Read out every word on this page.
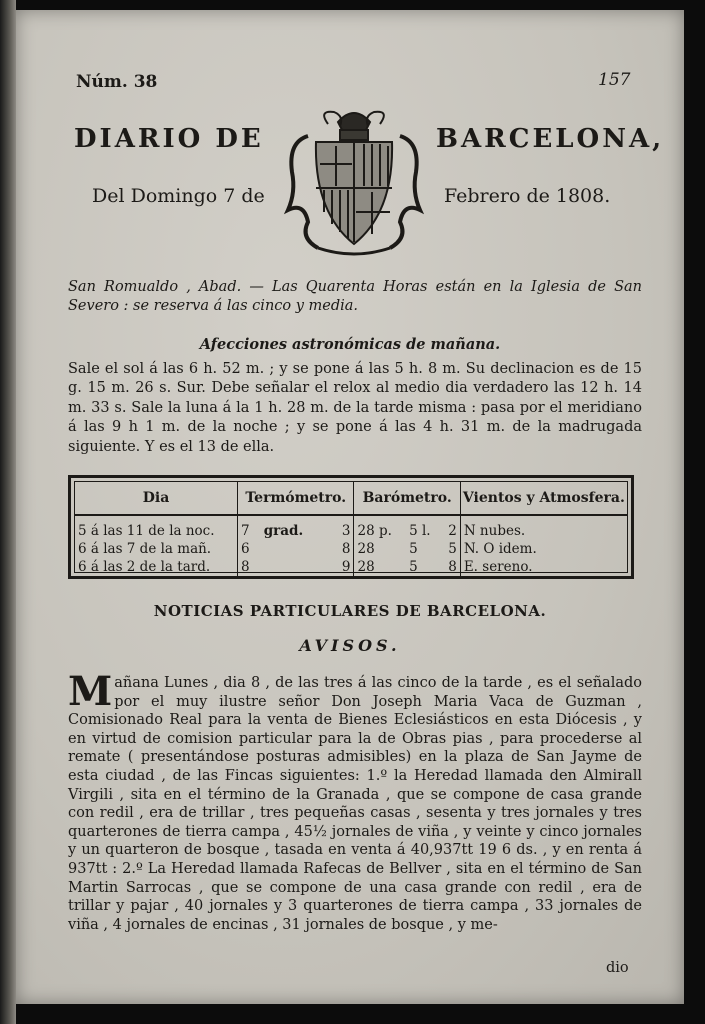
Núm. 38	157
DIARIO DE	BARCELONA,
Del Domingo 7 de	Febrero de 1808.
San Romualdo , Abad. — Las Quarenta Horas están en la Iglesia de San Severo : se reserva á las cinco y media.
Afecciones astronómicas de mañana.
Sale el sol á las 6 h. 52 m. ; y se pone á las 5 h. 8 m. Su declinacion es de 15 g. 15 m. 26 s. Sur. Debe señalar el relox al medio dia verdadero las 12 h. 14 m. 33 s. Sale la luna á la 1 h. 28 m. de la tarde misma : pasa por el meridiano á las 9 h 1 m. de la noche ; y se pone á las 4 h. 31 m. de la madrugada siguiente. Y es el 13 de ella.
Dia	Termómetro.			Barómetro.			Vientos y Atmosfera.
5 á las 11 de la noc.	7	grad.	3	28 p.	5 l.	2	N nubes.
6 á las 7 de la mañ.	6		8	28	5	5	N. O idem.
6 á las 2 de la tard.	8		9	28	5	8	E. sereno.
NOTICIAS PARTICULARES DE BARCELONA.
AVISOS.
Mañana Lunes , dia 8 , de las tres á las cinco de la tarde , es el señalado por el muy ilustre señor Don Joseph Maria Vaca de Guzman , Comisionado Real para la venta de Bienes Eclesiásticos en esta Diócesis , y en virtud de comision particular para la de Obras pias , para procederse al remate ( presentándose posturas admisibles) en la plaza de San Jayme de esta ciudad , de las Fincas siguientes: 1.º la Heredad llamada den Almirall Virgili , sita en el término de la Granada , que se compone de casa grande con redil , era de trillar , tres pequeñas casas , sesenta y tres jornales y tres quarterones de tierra campa , 45½ jornales de viña , y veinte y cinco jornales y un quarteron de bosque , tasada en venta á 40,937tt 19 6 ds. , y en renta á 937tt : 2.º La Heredad llamada Rafecas de Bellver , sita en el término de San Martin Sarrocas , que se compone de una casa grande con redil , era de trillar y pajar , 40 jornales y 3 quarterones de tierra campa , 33 jornales de viña , 4 jornales de encinas , 31 jornales de bosque , y me-
dio
